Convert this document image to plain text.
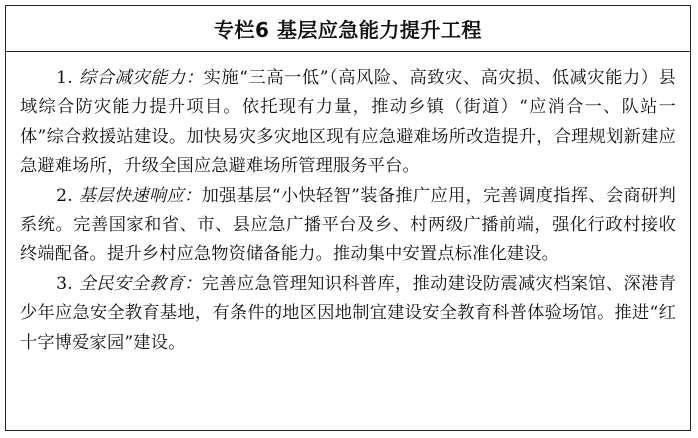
专栏6 基层应急能力提升工程

1. 综合减灾能力：实施“三高一低”（高风险、高致灾、高灾损、低减灾能力）县域综合防灾能力提升项目。依托现有力量，推动乡镇（街道）“应消合一、队站一体”综合救援站建设。加快易灾多灾地区现有应急避难场所改造提升，合理规划新建应急避难场所，升级全国应急避难场所管理服务平台。

2. 基层快速响应：加强基层“小快轻智”装备推广应用，完善调度指挥、会商研判系统。完善国家和省、市、县应急广播平台及乡、村两级广播前端，强化行政村接收终端配备。提升乡村应急物资储备能力。推动集中安置点标准化建设。

3. 全民安全教育：完善应急管理知识科普库，推动建设防震减灾档案馆、深港青少年应急安全教育基地，有条件的地区因地制宜建设安全教育科普体验场馆。推进“红十字博爱家园”建设。
